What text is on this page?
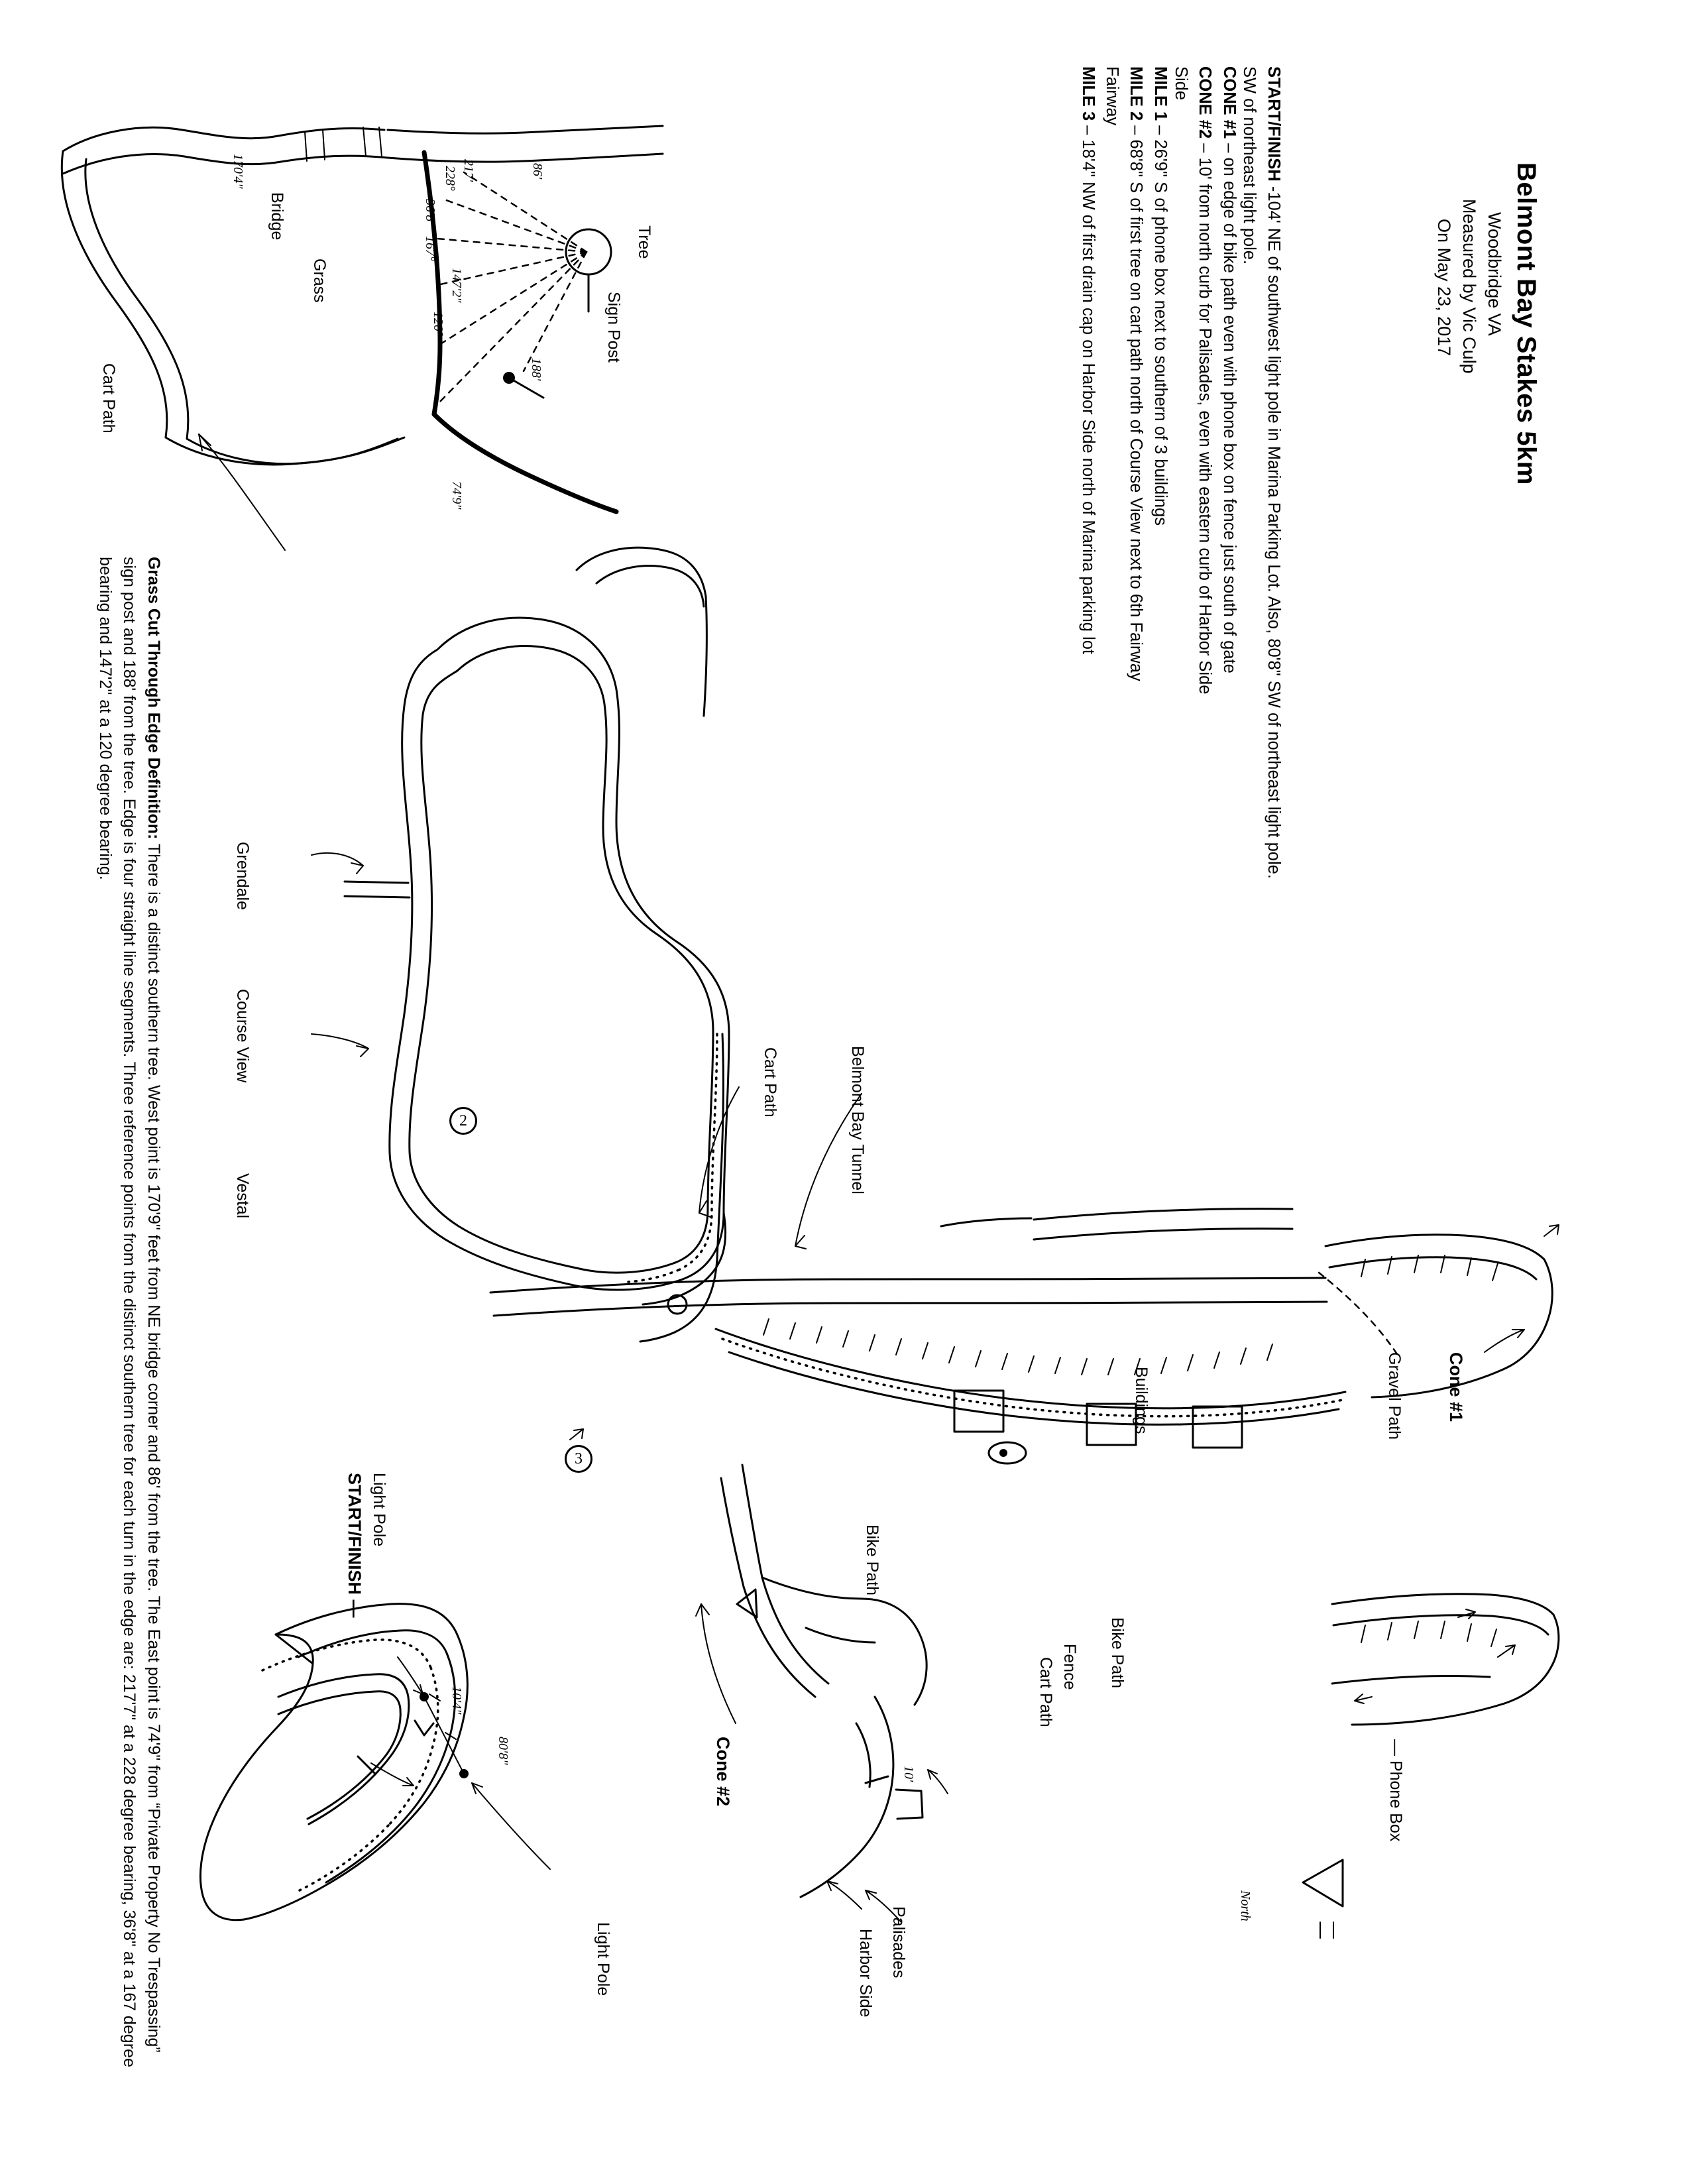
Belmont Bay Stakes 5km
Woodbridge VA
Measured by Vic Culp
On May 23, 2017
START/FINISH -104' NE of southwest light pole in Marina Parking Lot. Also, 80'8" SW of northeast light pole.
CONE #1 – on edge of bike path even with phone box on fence just south of gate
CONE #2 – 10' from north curb for Palisades, even with eastern curb of Harbor Side
MILE 1 – 26'9" S of phone box next to southern of 3 buildings
MILE 2 – 68'8" S of first tree on cart path north of Course View next to 6th Fairway
MILE 3 – 18'4" NW of first drain cap on Harbor Side north of Marina parking lot	SW of northeast light pole.
Side
Fairway
Grass Cut Through Edge Definition: There is a distinct southern tree. West point is 170'9" feet from NE bridge corner and 86' from the tree. The East point is 74'9" from “Private Property No Trespassing” sign post and 188' from the tree. Edge is four straight line segments. Three reference points from the distinct southern tree for each turn in the edge are: 217'7" at a 228 degree bearing, 36'8" at a 167 degree bearing and 147'2" at a 120 degree bearing.
Tree
Sign Post
Bridge
Grass
Cart Path
Grendale
Course View
Vestal
Belmont Bay Tunnel
Cart Path
Buildings	Gravel Path Cone #1
Bike Path
Fence
Cart Path
— Phone Box
Bike Path
Cone #2
Palisades
Harbor Side
Light Pole
START/FINISH —
Light Pole
North
170'4"	217'
228°
36'8"
167°
147'2"
120°
86'
188'
74'9"
10'4"
80'8"
10'
2
3
